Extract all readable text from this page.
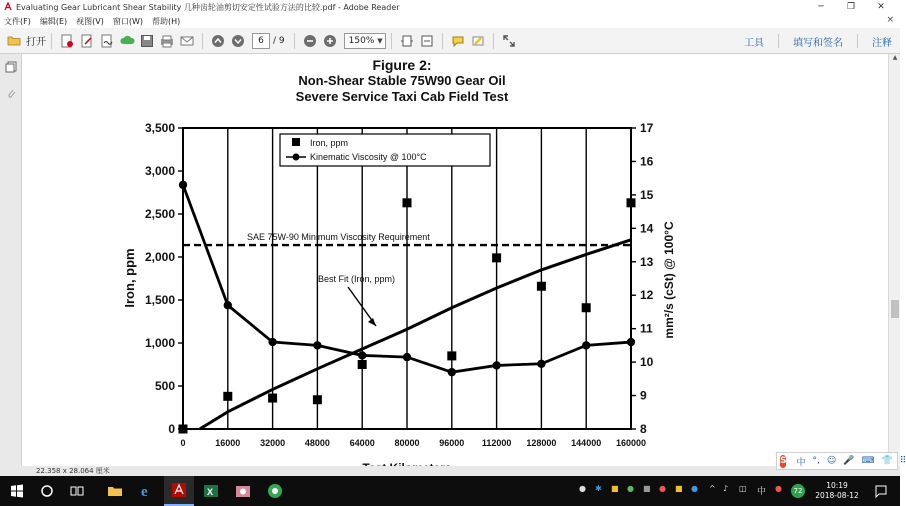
Evaluating Gear Lubricant Shear Stability 几种齿轮油剪切安定性试验方法的比较.pdf - Adobe Reader	─	❐	✕
文件(F) 编辑(E) 视图(V) 窗口(W) 帮助(H)	×
打开	6	/ 9	150% ▼	工具	填写和签名	注释
Figure 2:
Non-Shear Stable 75W90 Gear Oil
Severe Service Taxi Cab Field Test
0
500
1,000
1,500
2,000
2,500
3,000
3,500
8
9
10
11
12
13
14
15
16
17
0	16000 32000 48000 64000 80000 96000 112000 128000 144000 160000
SAE 75W-90 Minimum Viscosity Requirement
Best Fit (Iron, ppm)
Iron, ppm
Kinematic Viscosity @ 100°C
Iron, ppm	mm²/s (cSt) @ 100°C
▲
22.358 x 28.064 厘米
S 中 °, ☺ 🎤 ⌨ 👕 ⠿
e	X	● ✱ ■ ● ■ ● ■ ● ^ ♪ ◫ 中 ●	72
10:19
2018-08-12
